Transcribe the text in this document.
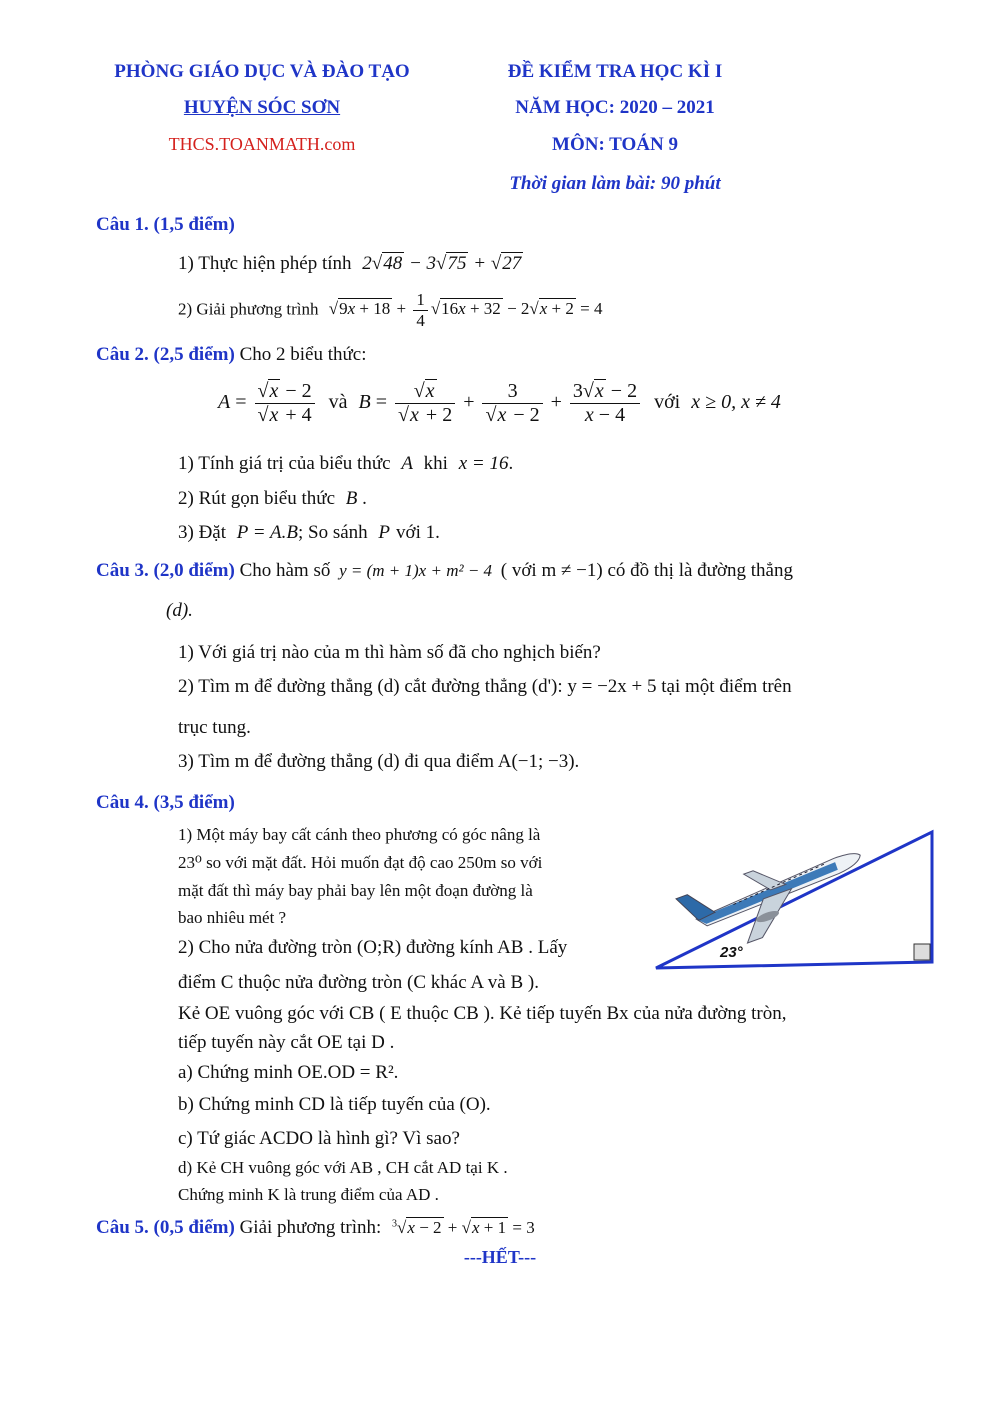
PHÒNG GIÁO DỤC VÀ ĐÀO TẠO
HUYỆN SÓC SƠN
THCS.TOANMATH.com
ĐỀ KIỂM TRA HỌC KÌ I
NĂM HỌC: 2020 – 2021
MÔN: TOÁN 9
Thời gian làm bài: 90 phút
Câu 1. (1,5 điểm)
1) Thực hiện phép tính 2√48 − 3√75 + √27
2) Giải phương trình $√9x + 18 + \frac{1}{4} √16x + 32 - 2√x + 2 = 4$
Câu 2. (2,5 điểm) Cho 2 biểu thức:
$A = \frac{√x - 2}{√x + 4}$ và $B = \frac{√x}{√x + 2} + \frac{3}{√x - 2} + \frac{3√x - 2}{x - 4}$ với x ≥ 0, x ≠ 4
1) Tính giá trị của biểu thức A khi x = 16.
2) Rút gọn biểu thức B .
3) Đặt P = A.B; So sánh P với 1.
Câu 3. (2,0 điểm) Cho hàm số y = (m + 1)x + m² − 4 ( với m ≠ −1) có đồ thị là đường thẳng
(d).
1) Với giá trị nào của m thì hàm số đã cho nghịch biến?
2) Tìm m để đường thẳng (d) cắt đường thẳng (d'): y = −2x + 5 tại một điểm trên
trục tung.
3) Tìm m để đường thẳng (d) đi qua điểm A(−1; −3).
Câu 4. (3,5 điểm)
1) Một máy bay cất cánh theo phương có góc nâng là
23⁰ so với mặt đất. Hỏi muốn đạt độ cao 250m so với
mặt đất thì máy bay phải bay lên một đoạn đường là
bao nhiêu mét ?
2) Cho nửa đường tròn (O;R) đường kính AB . Lấy
điểm C thuộc nửa đường tròn (C khác A và B ).
Kẻ OE vuông góc với CB ( E thuộc CB ). Kẻ tiếp tuyến Bx của nửa đường tròn,
tiếp tuyến này cắt OE tại D .
a) Chứng minh OE.OD = R².
b) Chứng minh CD là tiếp tuyến của (O).
c) Tứ giác ACDO là hình gì? Vì sao?
d) Kẻ CH vuông góc với AB , CH cắt AD tại K .
Chứng minh K là trung điểm của AD .
23°
Câu 5. (0,5 điểm) Giải phương trình: $^3$√x − 2 + √x + 1 = 3
---HẾT---
